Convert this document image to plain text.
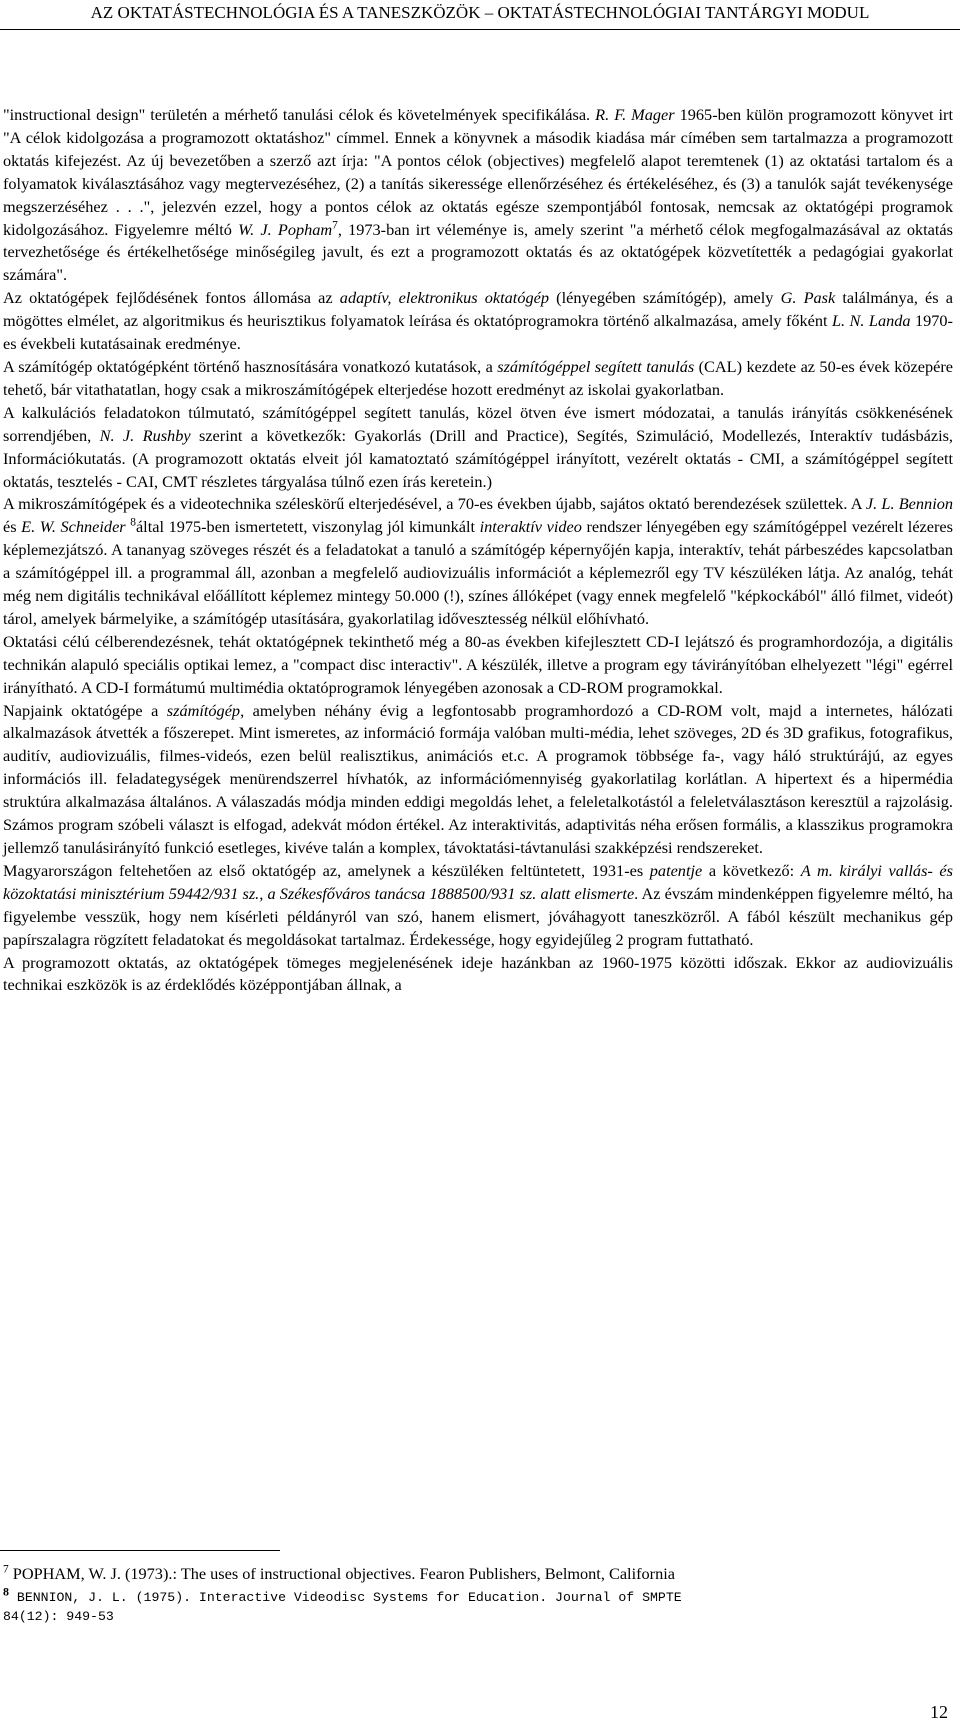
AZ OKTATÁSTECHNOLÓGIA ÉS A TANESZKÖZÖK – OKTATÁSTECHNOLÓGIAI TANTÁRGYI MODUL

"instructional design" területén a mérhető tanulási célok és követelmények specifikálása. R. F. Mager 1965-ben külön programozott könyvet irt "A célok kidolgozása a programozott oktatáshoz" címmel. Ennek a könyvnek a második kiadása már címében sem tartalmazza a programozott oktatás kifejezést. Az új bevezetőben a szerző azt írja: "A pontos célok (objectives) megfelelő alapot teremtenek (1) az oktatási tartalom és a folyamatok kiválasztásához vagy megtervezéséhez, (2) a tanítás sikeressége ellenőrzéséhez és értékeléséhez, és (3) a tanulók saját tevékenysége megszerzéséhez . . .", jelezvén ezzel, hogy a pontos célok az oktatás egésze szempontjából fontosak, nemcsak az oktatógépi programok kidolgozásához. Figyelemre méltó W. J. Popham$^7$, 1973-ban irt véleménye is, amely szerint "a mérhető célok megfogalmazásával az oktatás tervezhetősége és értékelhetősége minőségileg javult, és ezt a programozott oktatás és az oktatógépek közvetítették a pedagógiai gyakorlat számára".

Az oktatógépek fejlődésének fontos állomása az adaptív, elektronikus oktatógép (lényegében számítógép), amely G. Pask találmánya, és a mögöttes elmélet, az algoritmikus és heurisztikus folyamatok leírása és oktatóprogramokra történő alkalmazása, amely főként L. N. Landa 1970-es évekbeli kutatásainak eredménye.

A számítógép oktatógépként történő hasznosítására vonatkozó kutatások, a számítógéppel segített tanulás (CAL) kezdete az 50-es évek közepére tehető, bár vitathatatlan, hogy csak a mikroszámítógépek elterjedése hozott eredményt az iskolai gyakorlatban.

A kalkulációs feladatokon túlmutató, számítógéppel segített tanulás, közel ötven éve ismert módozatai, a tanulás irányítás csökkenésének sorrendjében, N. J. Rushby szerint a következők: Gyakorlás (Drill and Practice), Segítés, Szimuláció, Modellezés, Interaktív tudásbázis, Információkutatás. (A programozott oktatás elveit jól kamatoztató számítógéppel irányított, vezérelt oktatás - CMI, a számítógéppel segített oktatás, tesztelés - CAI, CMT részletes tárgyalása túlnő ezen írás keretein.)

A mikroszámítógépek és a videotechnika széleskörű elterjedésével, a 70-es években újabb, sajátos oktató berendezések születtek. A J. L. Bennion és E. W. Schneider $^8$által 1975-ben ismertetett, viszonylag jól kimunkált interaktív video rendszer lényegében egy számítógéppel vezérelt lézeres képlemezjátszó. A tananyag szöveges részét és a feladatokat a tanuló a számítógép képernyőjén kapja, interaktív, tehát párbeszédes kapcsolatban a számítógéppel ill. a programmal áll, azonban a megfelelő audiovizuális információt a képlemezről egy TV készüléken látja. Az analóg, tehát még nem digitális technikával előállított képlemez mintegy 50.000 (!), színes állóképet (vagy ennek megfelelő "képkockából" álló filmet, videót) tárol, amelyek bármelyike, a számítógép utasítására, gyakorlatilag idővesztesség nélkül előhívható.

Oktatási célú célberendezésnek, tehát oktatógépnek tekinthető még a 80-as években kifejlesztett CD-I lejátszó és programhordozója, a digitális technikán alapuló speciális optikai lemez, a "compact disc interactiv". A készülék, illetve a program egy távirányítóban elhelyezett "légi" egérrel irányítható. A CD-I formátumú multimédia oktatóprogramok lényegében azonosak a CD-ROM programokkal.

Napjaink oktatógépe a számítógép, amelyben néhány évig a legfontosabb programhordozó a CD-ROM volt, majd a internetes, hálózati alkalmazások átvették a főszerepet. Mint ismeretes, az információ formája valóban multi-média, lehet szöveges, 2D és 3D grafikus, fotografikus, auditív, audiovizuális, filmes-videós, ezen belül realisztikus, animációs et.c. A programok többsége fa-, vagy háló struktúrájú, az egyes információs ill. feladategységek menürendszerrel hívhatók, az információmennyiség gyakorlatilag korlátlan. A hipertext és a hipermédia struktúra alkalmazása általános. A válaszadás módja minden eddigi megoldás lehet, a feleletalkotástól a feleletválasztáson keresztül a rajzolásig. Számos program szóbeli választ is elfogad, adekvát módon értékel. Az interaktivitás, adaptivitás néha erősen formális, a klasszikus programokra jellemző tanulásirányító funkció esetleges, kivéve talán a komplex, távoktatási-távtanulási szakképzési rendszereket.

Magyarországon feltehetően az első oktatógép az, amelynek a készüléken feltüntetett, 1931-es patentje a következő: A m. királyi vallás- és közoktatási minisztérium 59442/931 sz., a Székesfőváros tanácsa 1888500/931 sz. alatt elismerte. Az évszám mindenképpen figyelemre méltó, ha figyelembe vesszük, hogy nem kísérleti példányról van szó, hanem elismert, jóváhagyott taneszközről. A fából készült mechanikus gép papírszalagra rögzített feladatokat és megoldásokat tartalmaz. Érdekessége, hogy egyidejűleg 2 program futtatható.

A programozott oktatás, az oktatógépek tömeges megjelenésének ideje hazánkban az 1960-1975 közötti időszak. Ekkor az audiovizuális technikai eszközök is az érdeklődés középpontjában állnak, a

$^7$ POPHAM, W. J. (1973).: The uses of instructional objectives. Fearon Publishers, Belmont, California
$^8$ BENNION, J. L. (1975). Interactive Videodisc Systems for Education. Journal of SMPTE
84(12): 949-53
12
